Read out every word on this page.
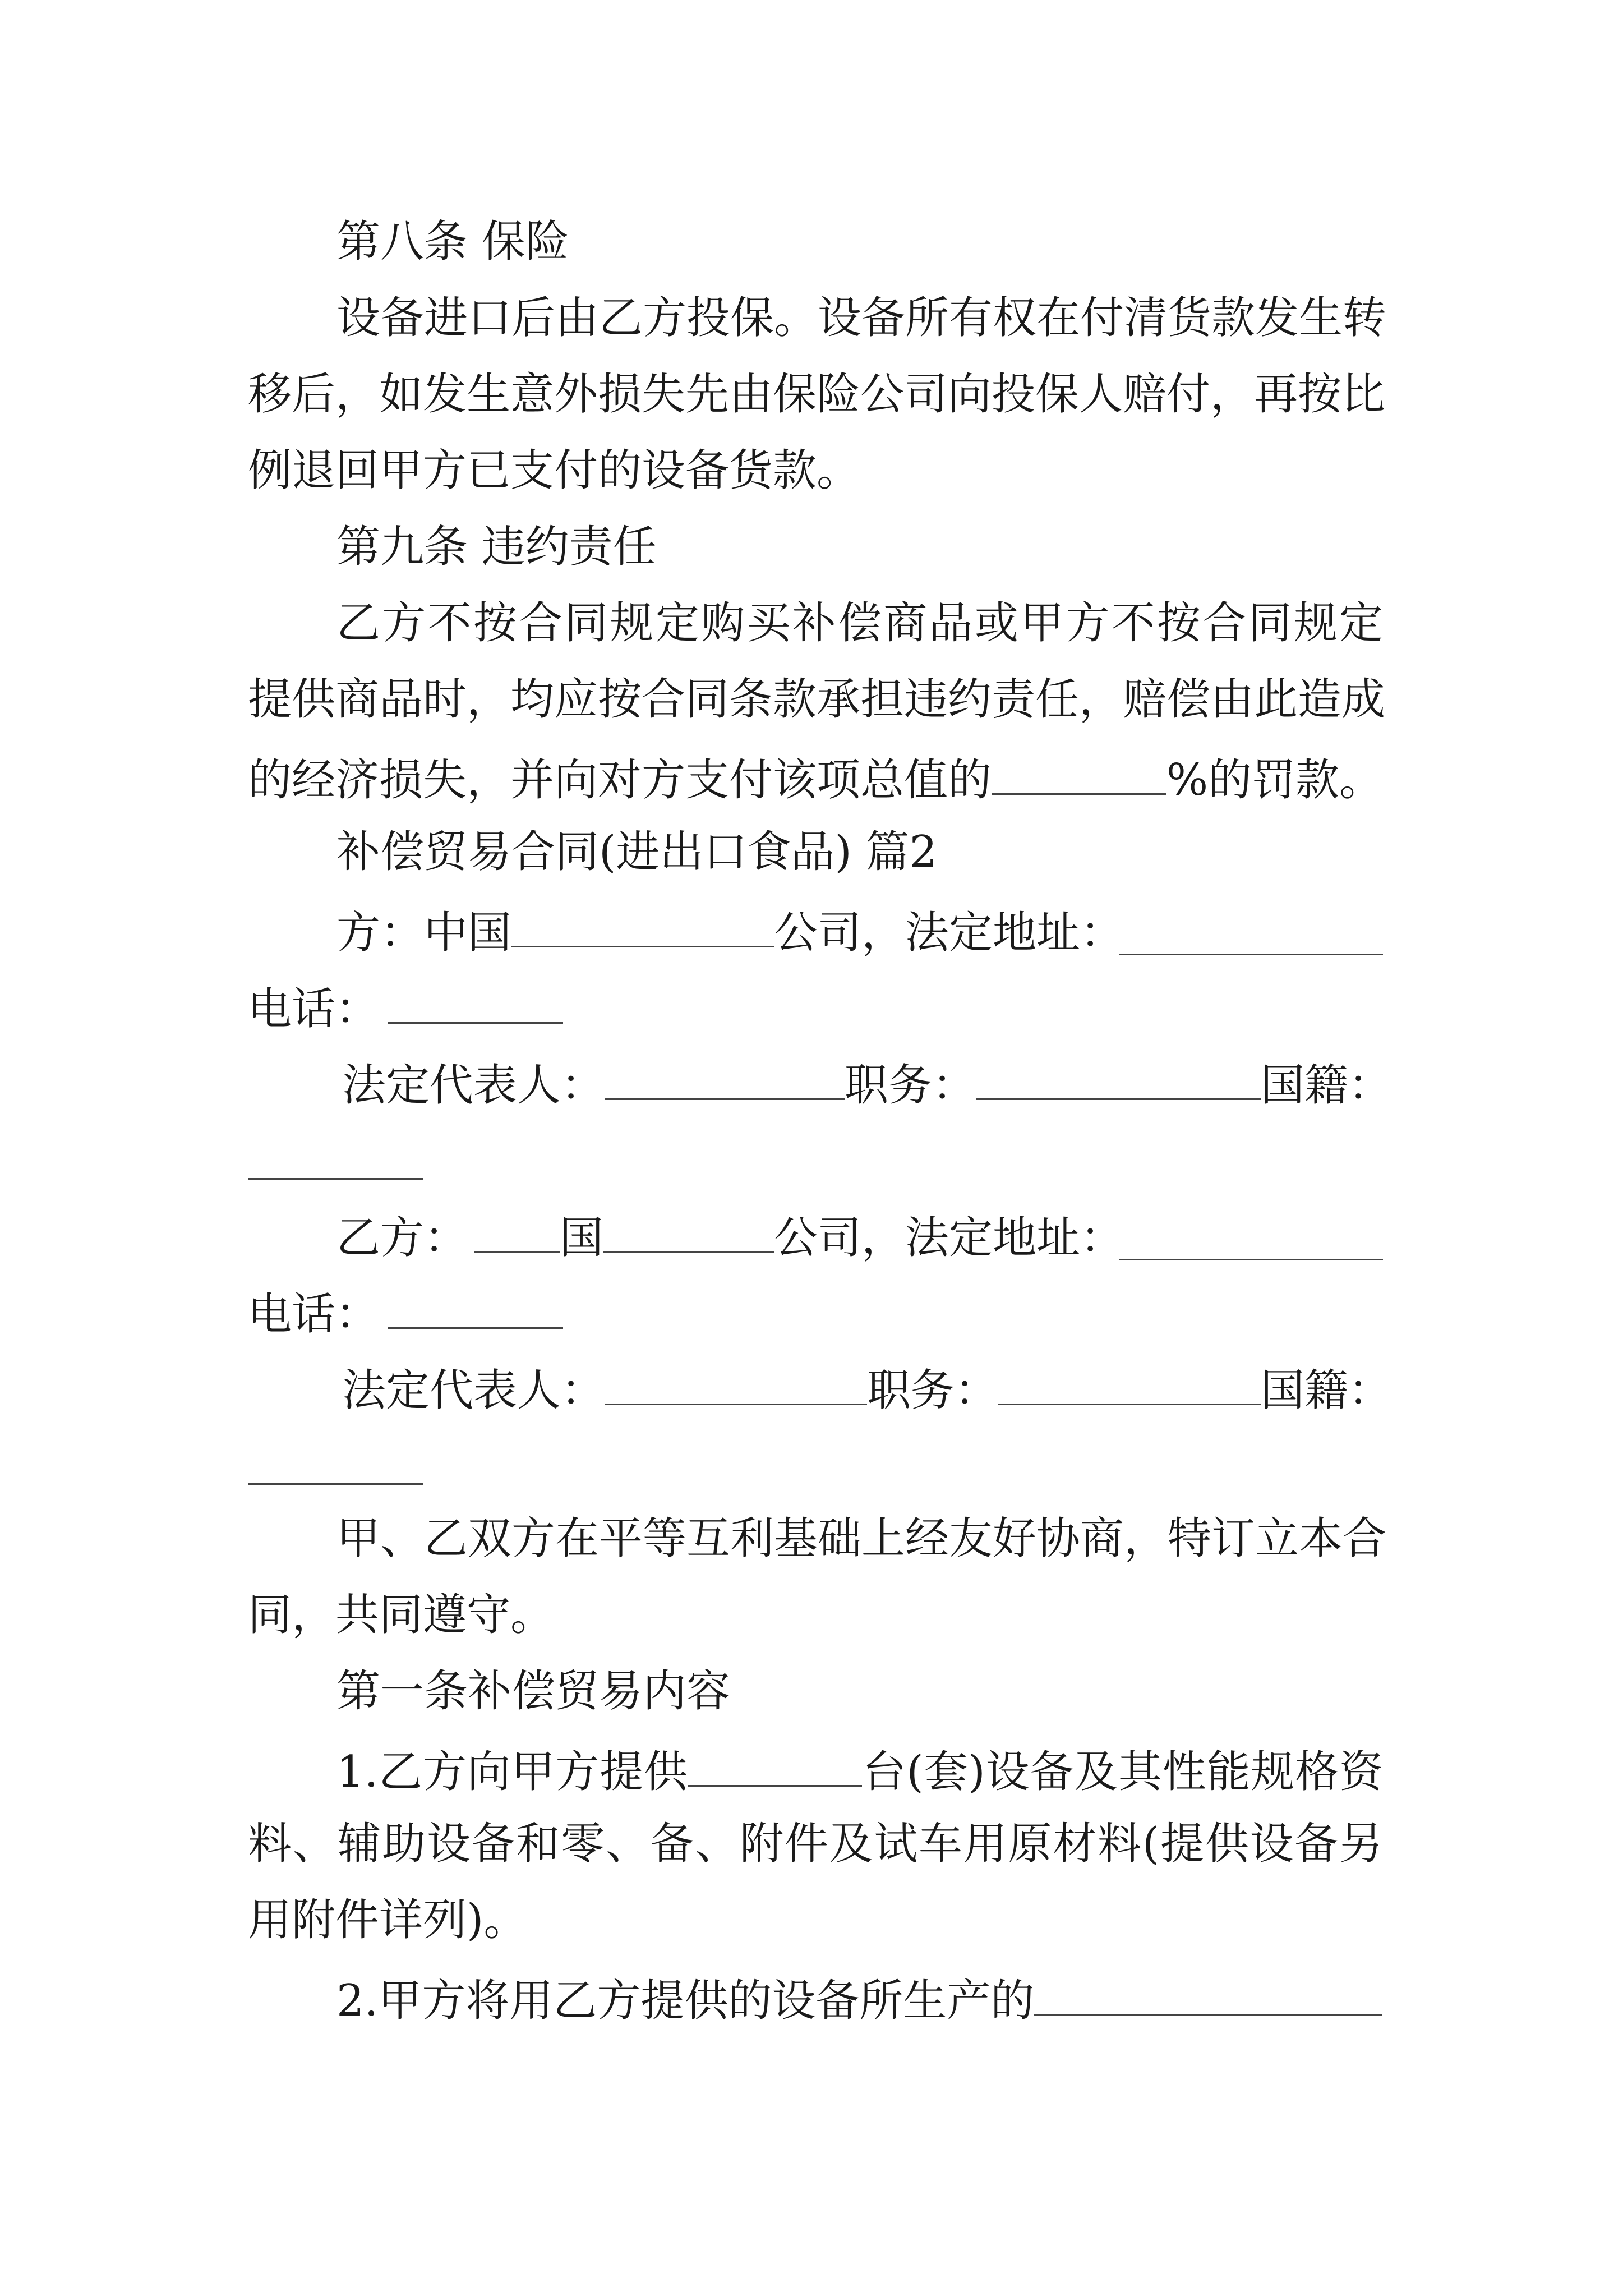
第八条 保险

设备进口后由乙方投保。设备所有权在付清货款发生转

移后，如发生意外损失先由保险公司向投保人赔付，再按比

例退回甲方已支付的设备货款。

第九条 违约责任

乙方不按合同规定购买补偿商品或甲方不按合同规定

提供商品时，均应按合同条款承担违约责任，赔偿由此造成

的经济损失，并向对方支付该项总值的	%的罚款。

补偿贸易合同(进出口食品) 篇2

方：中国	公司，法定地址：

电话：

法定代表人：	职务：	国籍：

乙方： 国	公司，法定地址：

电话：

法定代表人：	职务：	国籍：

甲、乙双方在平等互利基础上经友好协商，特订立本合

同，共同遵守。

第一条补偿贸易内容

1.乙方向甲方提供	台(套)设备及其性能规格资

料、辅助设备和零、备、附件及试车用原材料(提供设备另

用附件详列)。

2.甲方将用乙方提供的设备所生产的
